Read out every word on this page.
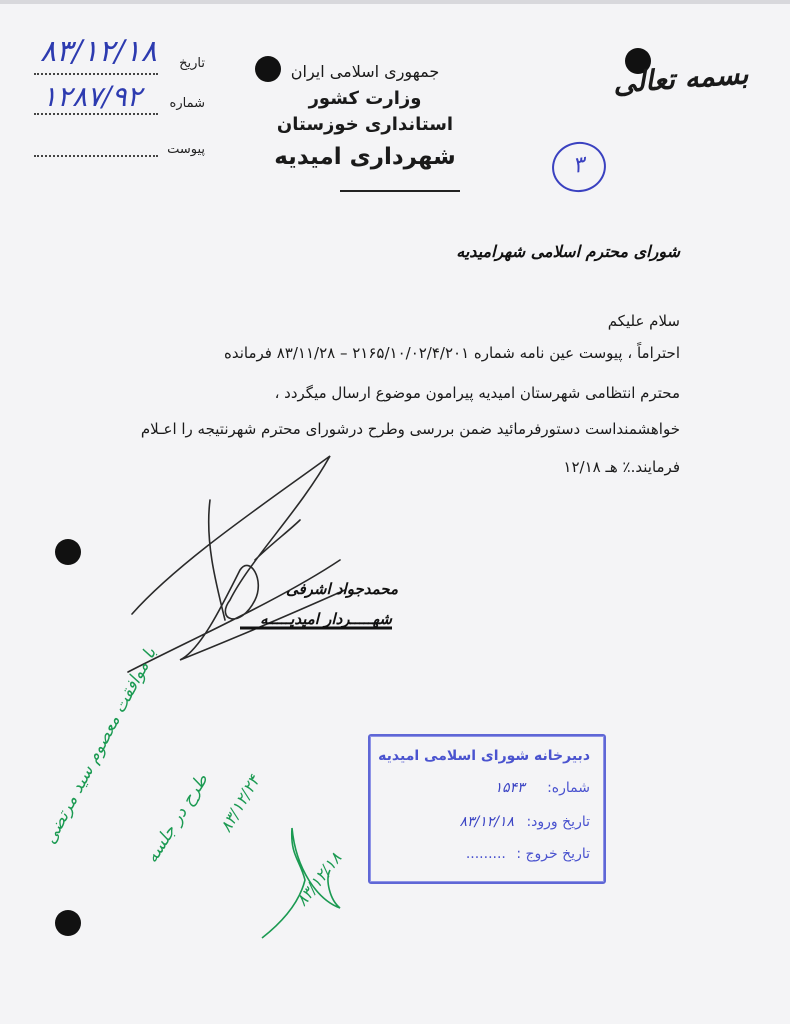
بسمه تعالی
جمهوری اسلامی ایران
وزارت کشور
استانداری خوزستان
شهرداری امیدیه
تاریخ
شماره
پیوست
۸۳/۱۲/۱۸
۱۲۸۷/۹۲
۳
شورای محترم اسلامی شهرامیدیه
سلام علیکم
احتراماً ، پیوست عین نامه شماره ۲۱۶۵/۱۰/۰۲/۴/۲۰۱ – ۸۳/۱۱/۲۸ فرمانده
محترم انتظامی شهرستان امیدیه پیرامون موضوع ارسال میگردد ،
خواهشمنداست دستورفرمائید ضمن بررسی وطرح درشورای محترم شهرنتیجه را اعـلام
فرمایند.٪ هـ ۱۲/۱۸
محمدجواد اشرفی
شهـــــردار امیدیـــــه
دبیرخانه شورای اسلامی امیدیه
شماره: ۱۵۴۳
تاریخ ورود: ۸۳/۱۲/۱۸
تاریخ خروج : .........
با موافقت معصوم سید مرتضی
طرح در جلسه ۸۳/۱۲/۲۴
۸۳/۱۲/۱۸
